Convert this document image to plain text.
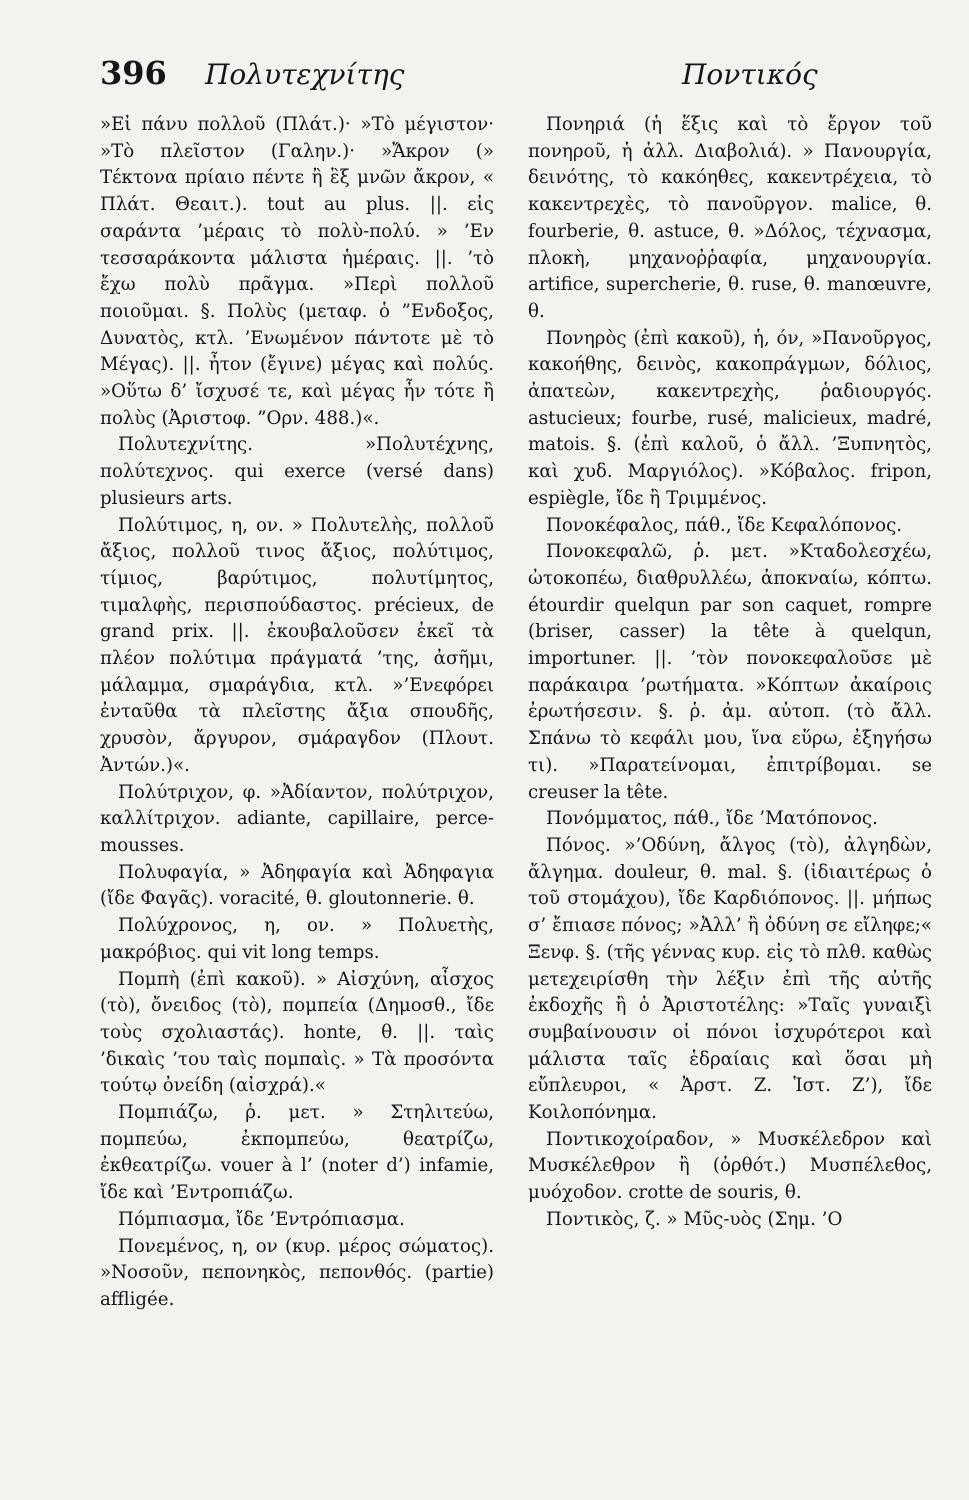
396 Πολυτεχνίτης	Ποντικός

»Εἰ πάνυ πολλοῦ (Πλάτ.)· »Τὸ μέγιστον· »Τὸ πλεῖστον (Γαλην.)· »Ἄκρον (» Τέκτονα πρίαιο πέντε ἢ ἓξ μνῶν ἄκρον, « Πλάτ. Θεαιτ.). tout au plus. ||. εἰς σαράντα ’μέραις τὸ πολὺ-πολύ. » ’Εν τεσσαράκοντα μάλιστα ἡμέραις. ||. ’τὸ ἔχω πολὺ πρᾶγμα. »Περὶ πολλοῦ ποιοῦμαι. §. Πολὺς (μεταφ. ὁ ”Ενδοξος, Δυνατὸς, κτλ. ’Ενωμένον πάντοτε μὲ τὸ Μέγας). ||. ἦτον (ἔγινε) μέγας καὶ πολύς. »Οὕτω δ’ ἴσχυσέ τε, καὶ μέγας ἦν τότε ἢ πολὺς (Ἀριστοφ. ”Ορν. 488.)«.

Πολυτεχνίτης. »Πολυτέχνης, πολύτεχνος. qui exerce (versé dans) plusieurs arts.

Πολύτιμος, η, ον. » Πολυτελὴς, πολλοῦ ἄξιος, πολλοῦ τινος ἄξιος, πολύτιμος, τίμιος, βαρύτιμος, πολυτίμητος, τιμαλφὴς, περισπούδαστος. précieux, de grand prix. ||. ἐκουβαλοῦσεν ἐκεῖ τὰ πλέον πολύτιμα πράγματά ’της, ἀσῆμι, μάλαμμα, σμαράγδια, κτλ. »’Ενεφόρει ἐνταῦθα τὰ πλεῖστης ἄξια σπουδῆς, χρυσὸν, ἄργυρον, σμάραγδον (Πλουτ. Ἀντών.)«.

Πολύτριχον, φ. »Ἀδίαντον, πολύτριχον, καλλίτριχον. adiante, capillaire, perce-mousses.

Πολυφαγία, » Ἀδηφαγία καὶ Ἀδηφαγια (ἴδε Φαγᾶς). voracité, θ. gloutonnerie. θ.

Πολύχρονος, η, ον. » Πολυετὴς, μακρόβιος. qui vit long temps.

Πομπὴ (ἐπὶ κακοῦ). » Αἰσχύνη, αἶσχος (τὸ), ὄνειδος (τὸ), πομπεία (Δημοσθ., ἴδε τοὺς σχολιαστάς). honte, θ. ||. ταὶς ’δικαὶς ’του ταὶς πομπαὶς. » Τὰ προσόντα τούτῳ ὀνείδη (αἰσχρά).«

Πομπιάζω, ῥ. μετ. » Στηλιτεύω, πομπεύω, ἐκπομπεύω, θεατρίζω, ἐκθεατρίζω. vouer à l’ (noter d’) infamie, ἴδε καὶ ’Εντροπιάζω.

Πόμπιασμα, ἴδε ’Εντρόπιασμα.

Πονεμένος, η, ον (κυρ. μέρος σώματος). »Νοσοῦν, πεπονηκὸς, πεπονθός. (partie) affligée.

Πονηριά (ἡ ἕξις καὶ τὸ ἔργον τοῦ πονηροῦ, ἡ ἀλλ. Διαβολιά). » Πανουργία, δεινότης, τὸ κακόηθες, κακεντρέχεια, τὸ κακεντρεχὲς, τὸ πανοῦργον. malice, θ. fourberie, θ. astuce, θ. »Δόλος, τέχνασμα, πλοκὴ, μηχανοῤῥαφία, μηχανουργία. artifice, supercherie, θ. ruse, θ. manœuvre, θ.

Πονηρὸς (ἐπὶ κακοῦ), ἡ, όν, »Πανοῦργος, κακοήθης, δεινὸς, κακοπράγμων, δόλιος, ἀπατεὼν, κακεντρεχὴς, ῥαδιουργός. astucieux; fourbe, rusé, malicieux, madré, matois. §. (ἐπὶ καλοῦ, ὁ ἄλλ. ’Ξυπνητὸς, καὶ χυδ. Μαργιόλος). »Κόβαλος. fripon, espiègle, ἴδε ἢ Τριμμένος.

Πονοκέφαλος, πάθ., ἴδε Κεφαλόπονος.

Πονοκεφαλῶ, ῥ. μετ. »Κταδολεσχέω, ὠτοκοπέω, διαθρυλλέω, ἀποκναίω, κόπτω. étourdir quelqun par son caquet, rompre (briser, casser) la tête à quelqun, importuner. ||. ’τὸν πονοκεφαλοῦσε μὲ παράκαιρα ’ρωτήματα. »Κόπτων ἀκαίροις ἐρωτήσεσιν. §. ῥ. ἀμ. αὐτοπ. (τὸ ἄλλ. Σπάνω τὸ κεφάλι μου, ἵνα εὕρω, ἐξηγήσω τι). »Παρατείνομαι, ἐπιτρίβομαι. se creuser la tête.

Πονόμματος, πάθ., ἴδε ’Ματόπονος.

Πόνος. »’Οδύνη, ἄλγος (τὸ), ἀλγηδὼν, ἄλγημα. douleur, θ. mal. §. (ἰδιαιτέρως ὁ τοῦ στομάχου), ἴδε Καρδιόπονος. ||. μήπως σ’ ἔπιασε πόνος; »Ἀλλ’ ἢ ὀδύνη σε εἴληφε;« Ξενφ. §. (τῆς γέννας κυρ. εἰς τὸ πλθ. καθὼς μετεχειρίσθη τὴν λέξιν ἐπὶ τῆς αὐτῆς ἐκδοχῆς ἢ ὁ Ἀριστοτέλης: »Ταῖς γυναιξὶ συμβαίνουσιν οἱ πόνοι ἰσχυρότεροι καὶ μάλιστα ταῖς ἑδραίαις καὶ ὅσαι μὴ εὔπλευροι, « Ἀρστ. Ζ. Ἱστ. Ζ’), ἴδε Κοιλοπόνημα.

Ποντικοχοίραδον, » Μυσκέλεδρον καὶ Μυσκέλεθρον ἢ (ὀρθότ.) Μυσπέλεθος, μυόχοδον. crotte de souris, θ.

Ποντικὸς, ζ. » Μῦς-υὸς (Σημ. ’Ο
